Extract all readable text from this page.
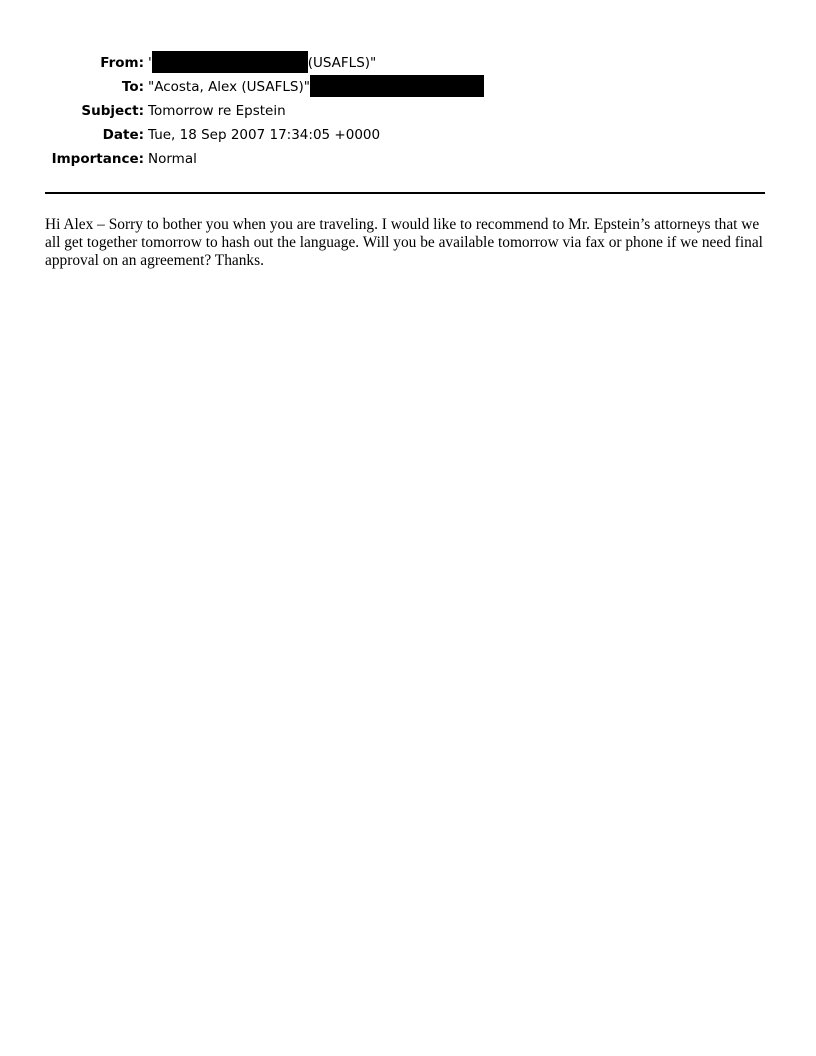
From: '	(USAFLS)"
To: "Acosta, Alex (USAFLS)"
Subject: Tomorrow re Epstein
Date: Tue, 18 Sep 2007 17:34:05 +0000
Importance: Normal

Hi Alex – Sorry to bother you when you are traveling. I would like to recommend to Mr. Epstein’s attorneys that we all get together tomorrow to hash out the language. Will you be available tomorrow via fax or phone if we need final approval on an agreement? Thanks.
